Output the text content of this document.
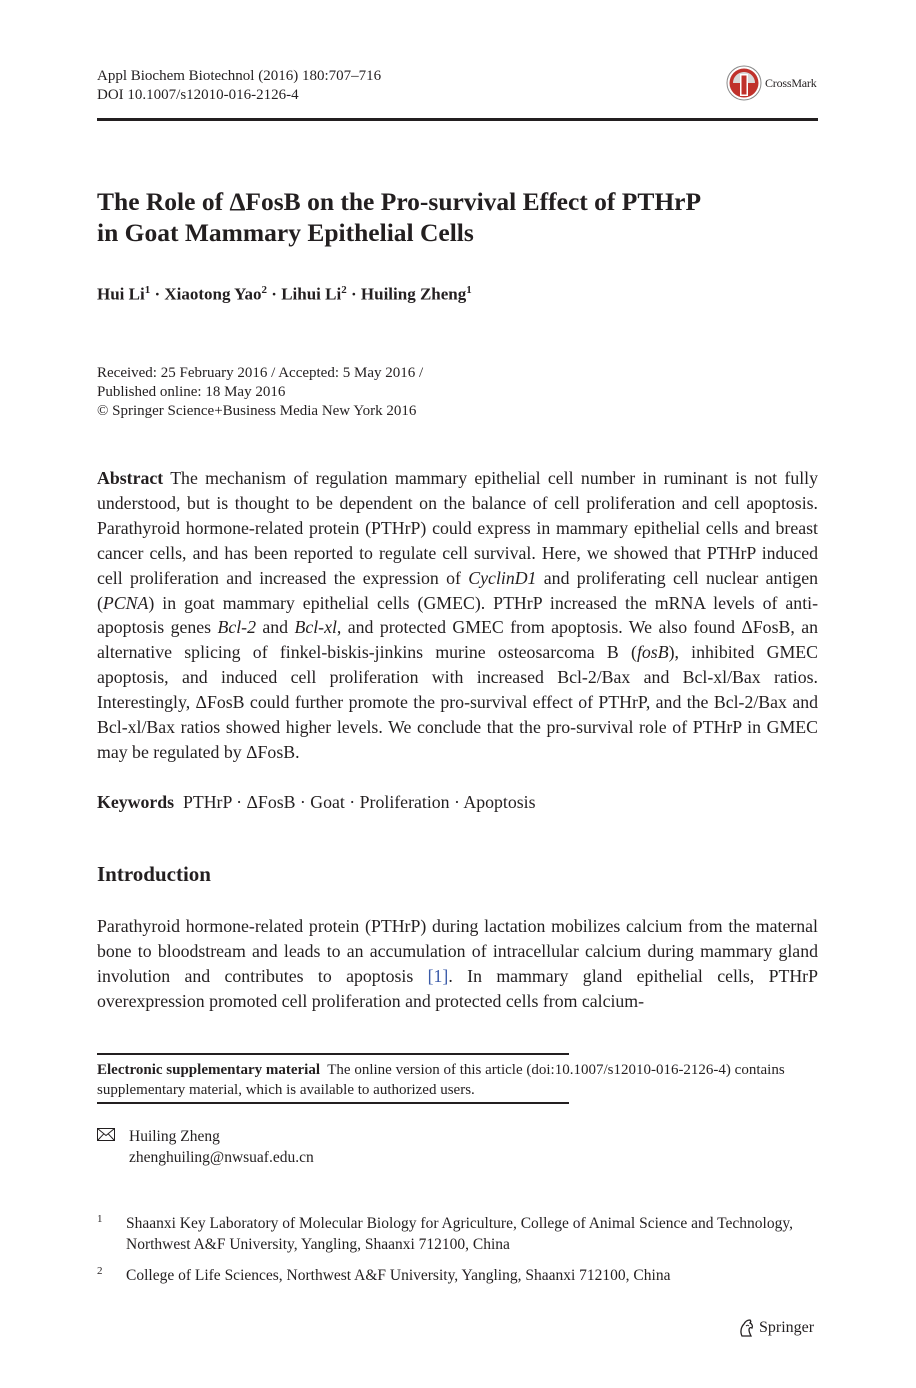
Appl Biochem Biotechnol (2016) 180:707–716
DOI 10.1007/s12010-016-2126-4
CrossMark
The Role of ΔFosB on the Pro-survival Effect of PTHrP
in Goat Mammary Epithelial Cells
Hui $Li^1$ · Xiaotong Yao$^2$ · Lihui $Li^2$ · Huiling Zheng$^1$
Received: 25 February 2016 / Accepted: 5 May 2016 /
Published online: 18 May 2016
© Springer Science+Business Media New York 2016
Abstract The mechanism of regulation mammary epithelial cell number in ruminant is not fully understood, but is thought to be dependent on the balance of cell proliferation and cell apoptosis. Parathyroid hormone-related protein (PTHrP) could express in mammary epithelial cells and breast cancer cells, and has been reported to regulate cell survival. Here, we showed that PTHrP induced cell proliferation and increased the expression of CyclinD1 and proliferating cell nuclear antigen (PCNA) in goat mammary epithelial cells (GMEC). PTHrP increased the mRNA levels of anti-apoptosis genes Bcl-2 and Bcl-xl, and protected GMEC from apoptosis. We also found ΔFosB, an alternative splicing of finkel-biskis-jinkins murine osteosarcoma B (fosB), inhibited GMEC apoptosis, and induced cell proliferation with increased Bcl-2/Bax and Bcl-xl/Bax ratios. Interestingly, ΔFosB could further promote the pro-survival effect of PTHrP, and the Bcl-2/Bax and Bcl-xl/Bax ratios showed higher levels. We conclude that the pro-survival role of PTHrP in GMEC may be regulated by ΔFosB.
Keywords PTHrP · ΔFosB · Goat · Proliferation · Apoptosis
Introduction
Parathyroid hormone-related protein (PTHrP) during lactation mobilizes calcium from the maternal bone to bloodstream and leads to an accumulation of intracellular calcium during mammary gland involution and contributes to apoptosis [1]. In mammary gland epithelial cells, PTHrP overexpression promoted cell proliferation and protected cells from calcium-
Electronic supplementary material The online version of this article (doi:10.1007/s12010-016-2126-4) contains supplementary material, which is available to authorized users.
Huiling Zheng
zhenghuiling@nwsuaf.edu.cn
1	Shaanxi Key Laboratory of Molecular Biology for Agriculture, College of Animal Science and Technology, Northwest A&F University, Yangling, Shaanxi 712100, China
2	College of Life Sciences, Northwest A&F University, Yangling, Shaanxi 712100, China
Springer
